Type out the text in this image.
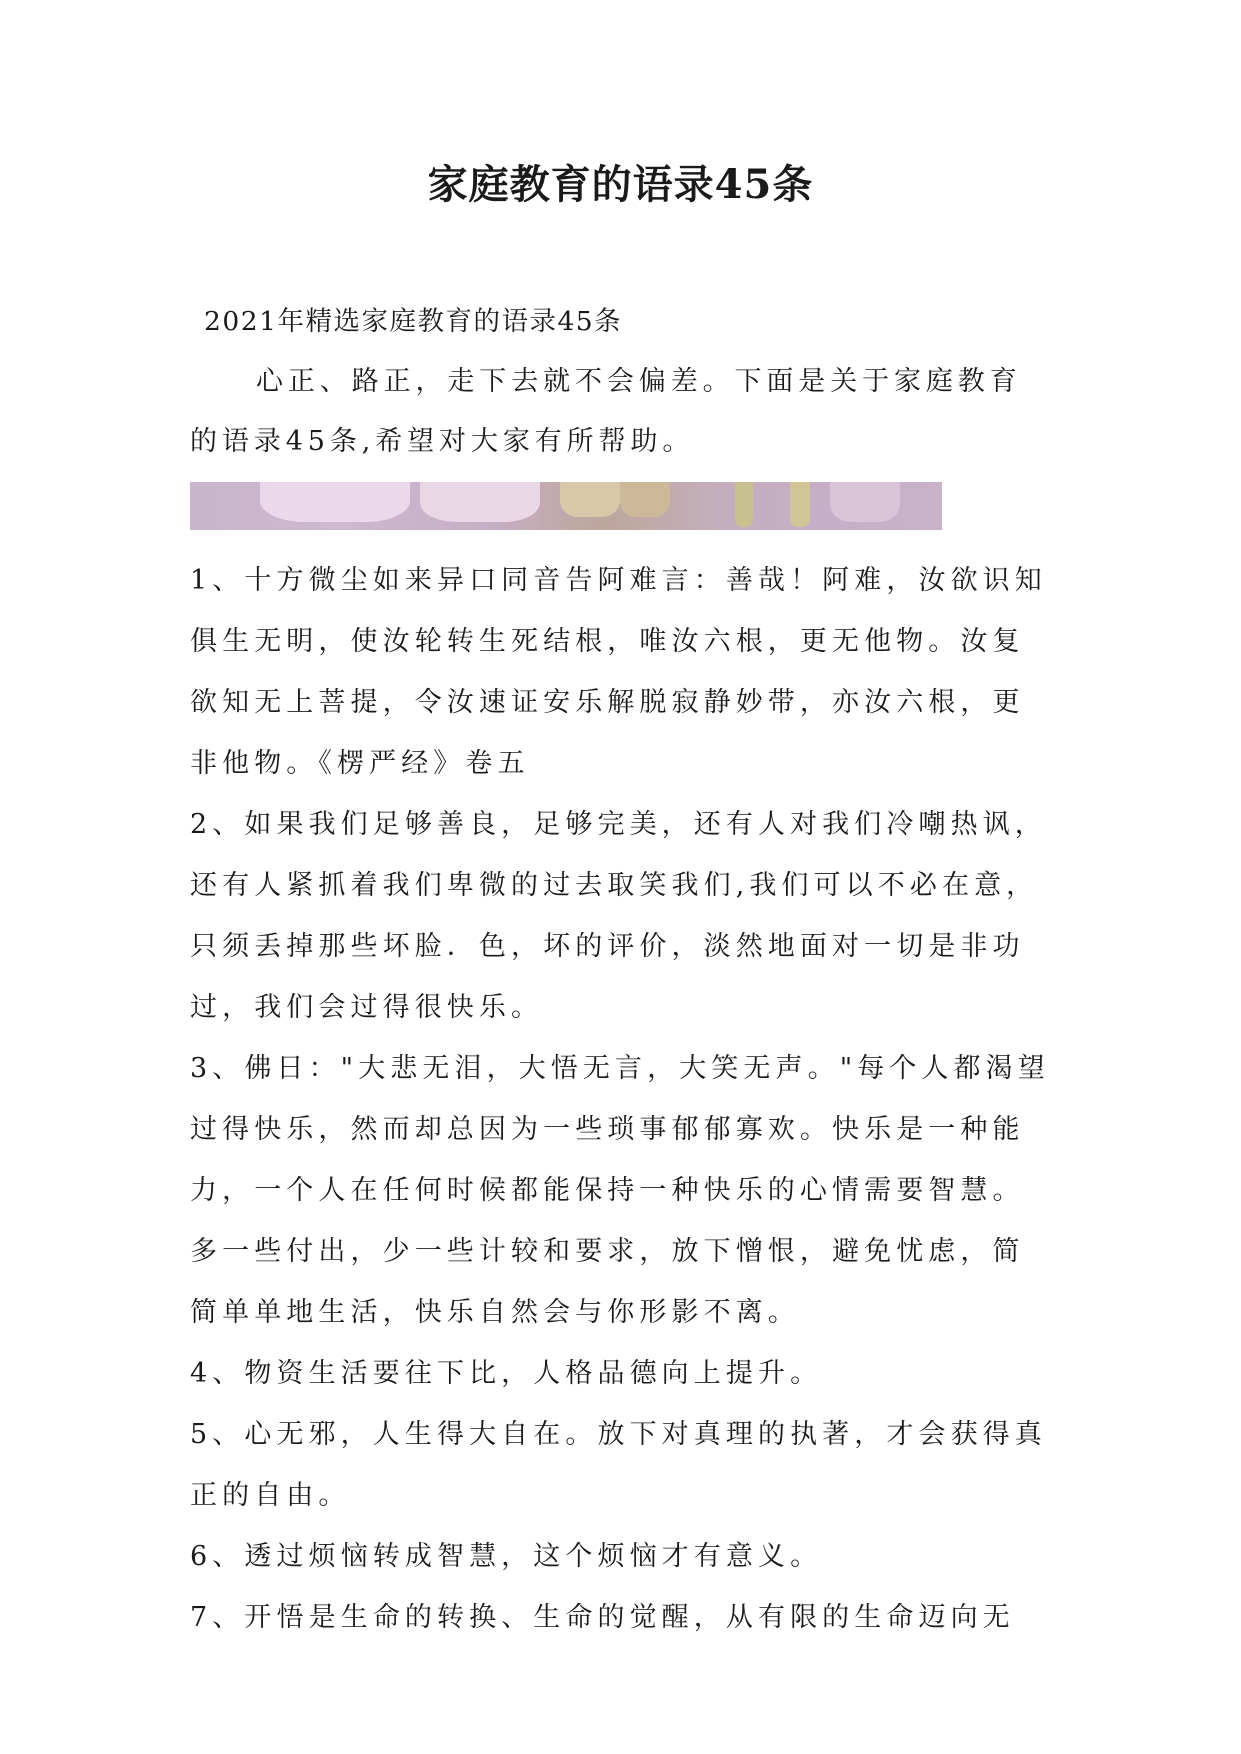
家庭教育的语录45条

2021年精选家庭教育的语录45条

心正、路正，走下去就不会偏差。下面是关于家庭教育的语录45条,希望对大家有所帮助。

1、十方微尘如来异口同音告阿难言：善哉！阿难，汝欲识知俱生无明，使汝轮转生死结根，唯汝六根，更无他物。汝复欲知无上菩提，令汝速证安乐解脱寂静妙带，亦汝六根，更非他物。《楞严经》卷五

2、如果我们足够善良，足够完美，还有人对我们冷嘲热讽，还有人紧抓着我们卑微的过去取笑我们,我们可以不必在意，只须丢掉那些坏脸．色，坏的评价，淡然地面对一切是非功过，我们会过得很快乐。

3、佛日："大悲无泪，大悟无言，大笑无声。"每个人都渴望过得快乐，然而却总因为一些琐事郁郁寡欢。快乐是一种能力，一个人在任何时候都能保持一种快乐的心情需要智慧。多一些付出，少一些计较和要求，放下憎恨，避免忧虑，简简单单地生活，快乐自然会与你形影不离。

4、物资生活要往下比，人格品德向上提升。

5、心无邪，人生得大自在。放下对真理的执著，才会获得真正的自由。

6、透过烦恼转成智慧，这个烦恼才有意义。

7、开悟是生命的转换、生命的觉醒，从有限的生命迈向无
